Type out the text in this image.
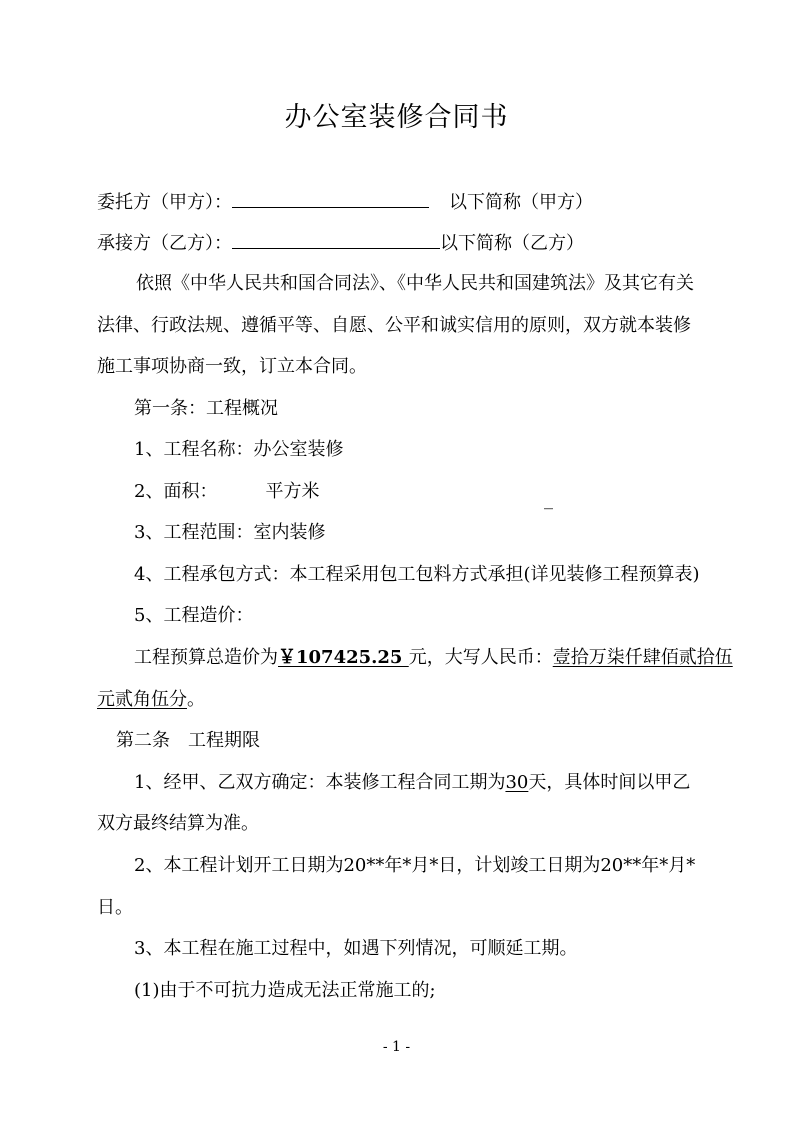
办公室装修合同书
委托方（甲方）：	以下简称（甲方）
承接方（乙方）：	以下简称（乙方）
依照《中华人民共和国合同法》、《中华人民共和国建筑法》及其它有关
法律、行政法规、遵循平等、自愿、公平和诚实信用的原则，双方就本装修
施工事项协商一致，订立本合同。
第一条：工程概况
1、工程名称：办公室装修
2、面积：	平方米	_
3、工程范围：室内装修
4、工程承包方式：本工程采用包工包料方式承担(详见装修工程预算表)
5、工程造价：
工程预算总造价为￥107425.25 元，大写人民币：壹拾万柒仟肆佰贰拾伍
元贰角伍分。
第二条　工程期限
1、经甲、乙双方确定：本装修工程合同工期为30天，具体时间以甲乙
双方最终结算为准。
2、本工程计划开工日期为20**年*月*日，计划竣工日期为20**年*月*
日。
3、本工程在施工过程中，如遇下列情况，可顺延工期。
(1)由于不可抗力造成无法正常施工的;
- 1 -
